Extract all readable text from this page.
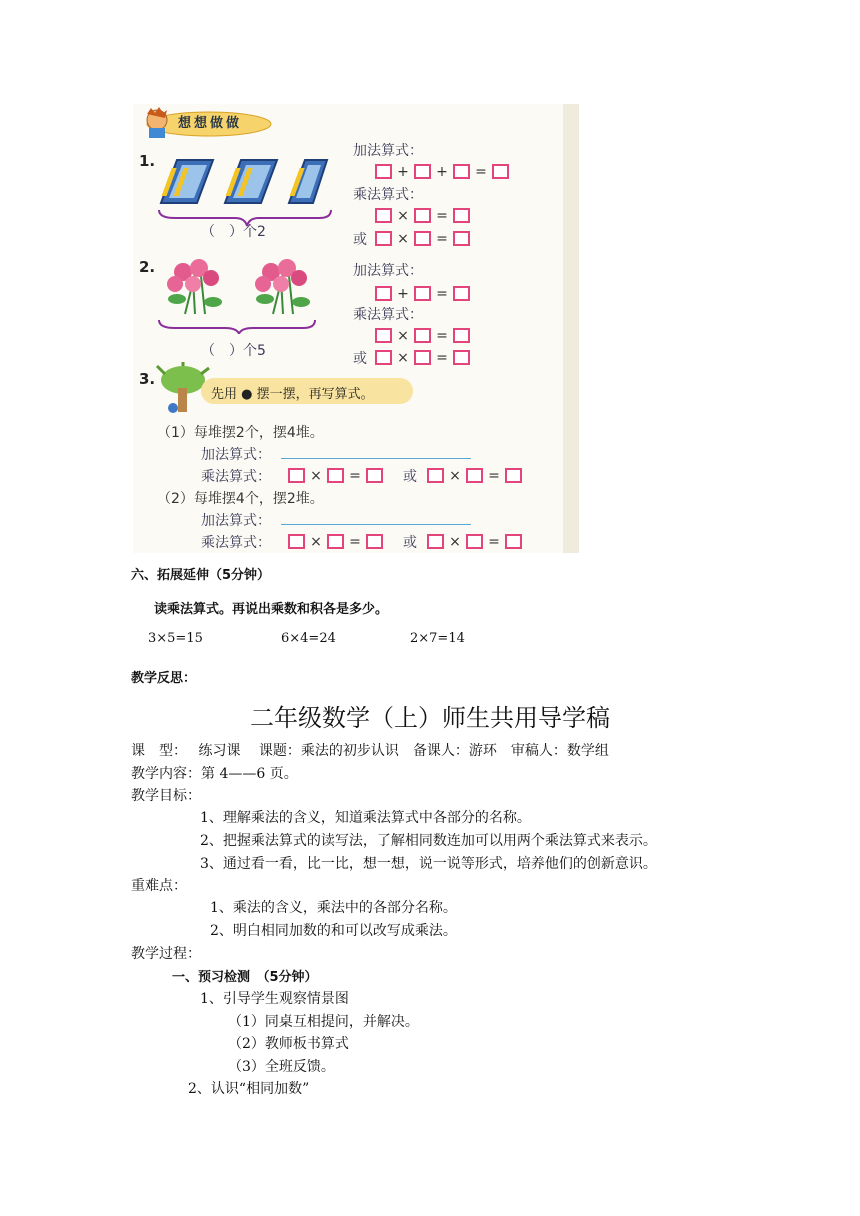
想想做做
1.
（　）个2
加法算式：
+ + =
乘法算式：
× =
或	× =
2.
（　）个5
加法算式：
+ =
乘法算式：
× =
或	× =
3.
先用 ● 摆一摆，再写算式。
（1）每堆摆2个，摆4堆。
加法算式：
乘法算式：	× =	或	× =
（2）每堆摆4个，摆2堆。
加法算式：
乘法算式：	× =	或	× =
六、拓展延伸（5分钟）
读乘法算式。再说出乘数和积各是多少。
3×5=15	6×4=24	2×7=14
教学反思：
二年级数学（上）师生共用导学稿
课　型：　 练习课　 课题：乘法的初步认识　备课人：游环　审稿人：数学组
教学内容：第 4——6 页。
教学目标：
1、理解乘法的含义，知道乘法算式中各部分的名称。
2、把握乘法算式的读写法，了解相同数连加可以用两个乘法算式来表示。
3、通过看一看，比一比，想一想，说一说等形式，培养他们的创新意识。
重难点：
1、乘法的含义，乘法中的各部分名称。
2、明白相同加数的和可以改写成乘法。
教学过程：
一、预习检测　（5分钟）
1、引导学生观察情景图
（1）同桌互相提问，并解决。
（2）教师板书算式
（3）全班反馈。
2、认识“相同加数”
